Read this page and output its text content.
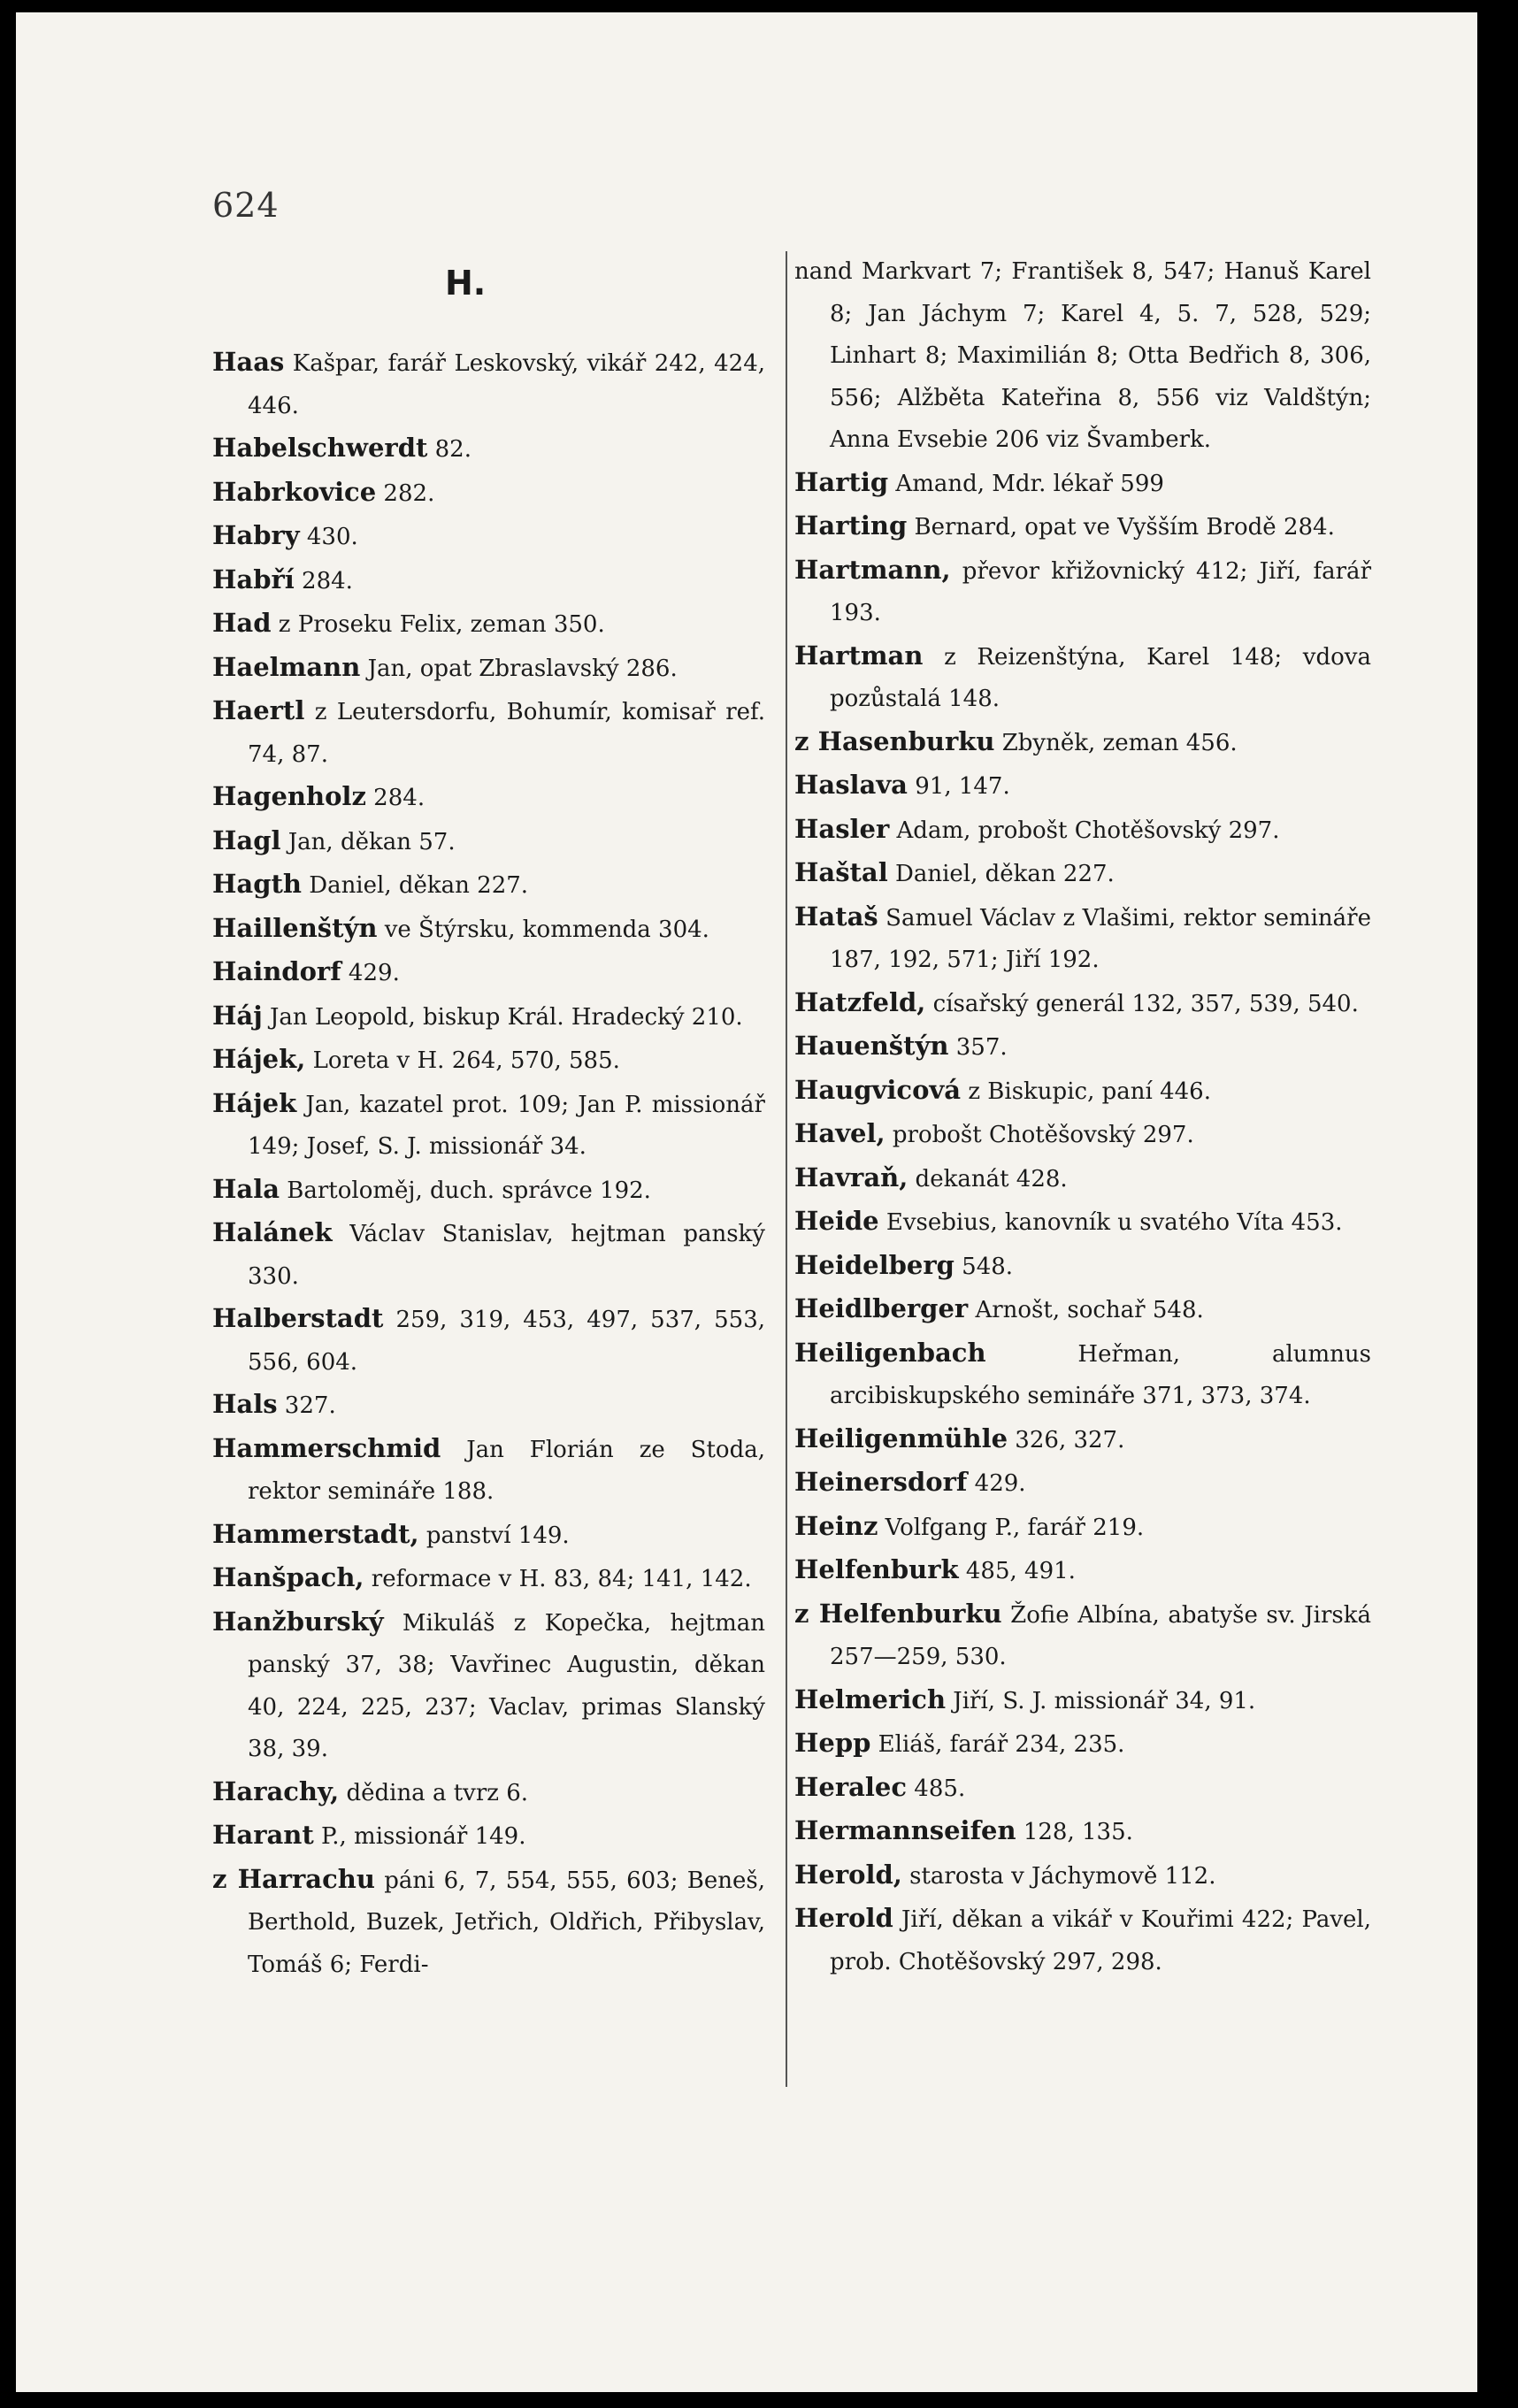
624
H.
Haas Kašpar, farář Leskovský, vikář 242, 424, 446.
Habelschwerdt 82.
Habrkovice 282.
Habry 430.
Habří 284.
Had z Proseku Felix, zeman 350.
Haelmann Jan, opat Zbraslavský 286.
Haertl z Leutersdorfu, Bohumír, komisař ref. 74, 87.
Hagenholz 284.
Hagl Jan, děkan 57.
Hagth Daniel, děkan 227.
Haillenštýn ve Štýrsku, kommenda 304.
Haindorf 429.
Háj Jan Leopold, biskup Král. Hradecký 210.
Hájek, Loreta v H. 264, 570, 585.
Hájek Jan, kazatel prot. 109; Jan P. missionář 149; Josef, S. J. missionář 34.
Hala Bartoloměj, duch. správce 192.
Halánek Václav Stanislav, hejtman panský 330.
Halberstadt 259, 319, 453, 497, 537, 553, 556, 604.
Hals 327.
Hammerschmid Jan Florián ze Stoda, rektor semináře 188.
Hammerstadt, panství 149.
Hanšpach, reformace v H. 83, 84; 141, 142.
Hanžburský Mikuláš z Kopečka, hejtman panský 37, 38; Vavřinec Augustin, děkan 40, 224, 225, 237; Vaclav, primas Slanský 38, 39.
Harachy, dědina a tvrz 6.
Harant P., missionář 149.
z Harrachu páni 6, 7, 554, 555, 603; Beneš, Berthold, Buzek, Jetřich, Oldřich, Přibyslav, Tomáš 6; Ferdi-
nand Markvart 7; František 8, 547; Hanuš Karel 8; Jan Jáchym 7; Karel 4, 5. 7, 528, 529; Linhart 8; Maximilián 8; Otta Bedřich 8, 306, 556; Alžběta Kateřina 8, 556 viz Valdštýn; Anna Evsebie 206 viz Švamberk.
Hartig Amand, Mdr. lékař 599
Harting Bernard, opat ve Vyšším Brodě 284.
Hartmann, převor křižovnický 412; Jiří, farář 193.
Hartman z Reizenštýna, Karel 148; vdova pozůstalá 148.
z Hasenburku Zbyněk, zeman 456.
Haslava 91, 147.
Hasler Adam, probošt Chotěšovský 297.
Haštal Daniel, děkan 227.
Hataš Samuel Václav z Vlašimi, rektor semináře 187, 192, 571; Jiří 192.
Hatzfeld, císařský generál 132, 357, 539, 540.
Hauenštýn 357.
Haugvicová z Biskupic, paní 446.
Havel, probošt Chotěšovský 297.
Havraň, dekanát 428.
Heide Evsebius, kanovník u svatého Víta 453.
Heidelberg 548.
Heidlberger Arnošt, sochař 548.
Heiligenbach Heřman, alumnus arcibiskupského semináře 371, 373, 374.
Heiligenmühle 326, 327.
Heinersdorf 429.
Heinz Volfgang P., farář 219.
Helfenburk 485, 491.
z Helfenburku Žofie Albína, abatyše sv. Jirská 257—259, 530.
Helmerich Jiří, S. J. missionář 34, 91.
Hepp Eliáš, farář 234, 235.
Heralec 485.
Hermannseifen 128, 135.
Herold, starosta v Jáchymově 112.
Herold Jiří, děkan a vikář v Kouřimi 422; Pavel, prob. Chotěšovský 297, 298.
